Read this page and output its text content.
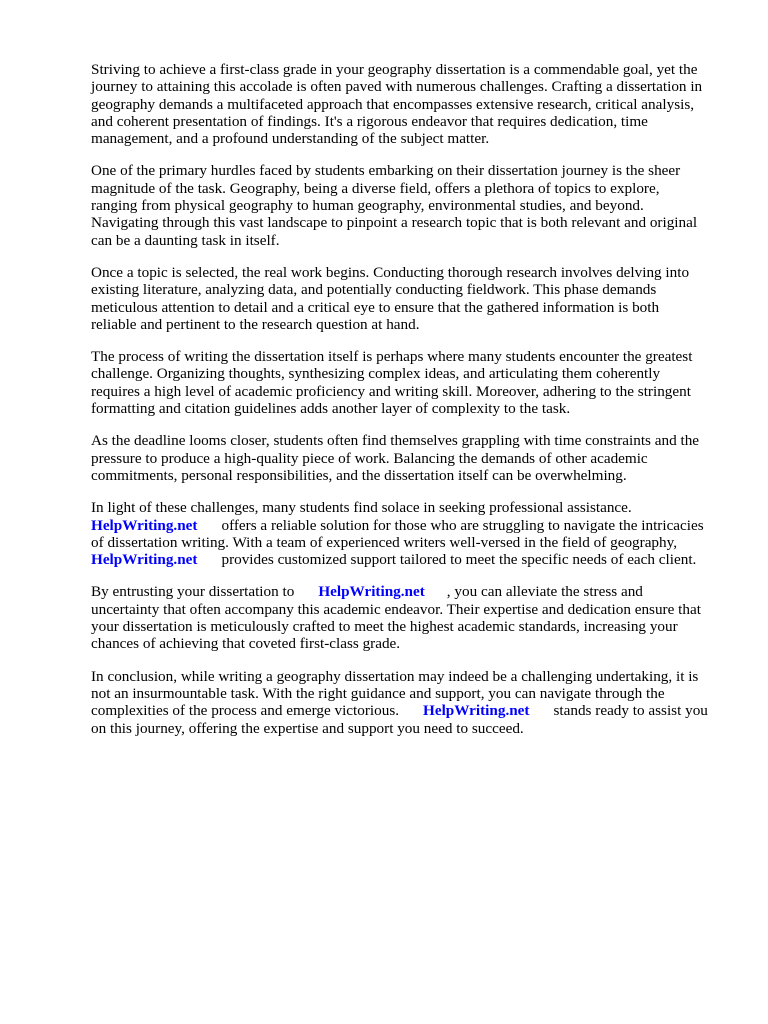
Striving to achieve a first-class grade in your geography dissertation is a commendable goal, yet the
journey to attaining this accolade is often paved with numerous challenges. Crafting a dissertation in
geography demands a multifaceted approach that encompasses extensive research, critical analysis,
and coherent presentation of findings. It's a rigorous endeavor that requires dedication, time
management, and a profound understanding of the subject matter.

One of the primary hurdles faced by students embarking on their dissertation journey is the sheer
magnitude of the task. Geography, being a diverse field, offers a plethora of topics to explore,
ranging from physical geography to human geography, environmental studies, and beyond.
Navigating through this vast landscape to pinpoint a research topic that is both relevant and original
can be a daunting task in itself.

Once a topic is selected, the real work begins. Conducting thorough research involves delving into
existing literature, analyzing data, and potentially conducting fieldwork. This phase demands
meticulous attention to detail and a critical eye to ensure that the gathered information is both
reliable and pertinent to the research question at hand.

The process of writing the dissertation itself is perhaps where many students encounter the greatest
challenge. Organizing thoughts, synthesizing complex ideas, and articulating them coherently
requires a high level of academic proficiency and writing skill. Moreover, adhering to the stringent
formatting and citation guidelines adds another layer of complexity to the task.

As the deadline looms closer, students often find themselves grappling with time constraints and the
pressure to produce a high-quality piece of work. Balancing the demands of other academic
commitments, personal responsibilities, and the dissertation itself can be overwhelming.

In light of these challenges, many students find solace in seeking professional assistance.
HelpWriting.net offers a reliable solution for those who are struggling to navigate the intricacies
of dissertation writing. With a team of experienced writers well-versed in the field of geography,
HelpWriting.net provides customized support tailored to meet the specific needs of each client.

By entrusting your dissertation to HelpWriting.net , you can alleviate the stress and
uncertainty that often accompany this academic endeavor. Their expertise and dedication ensure that
your dissertation is meticulously crafted to meet the highest academic standards, increasing your
chances of achieving that coveted first-class grade.

In conclusion, while writing a geography dissertation may indeed be a challenging undertaking, it is
not an insurmountable task. With the right guidance and support, you can navigate through the
complexities of the process and emerge victorious. HelpWriting.net stands ready to assist you
on this journey, offering the expertise and support you need to succeed.
